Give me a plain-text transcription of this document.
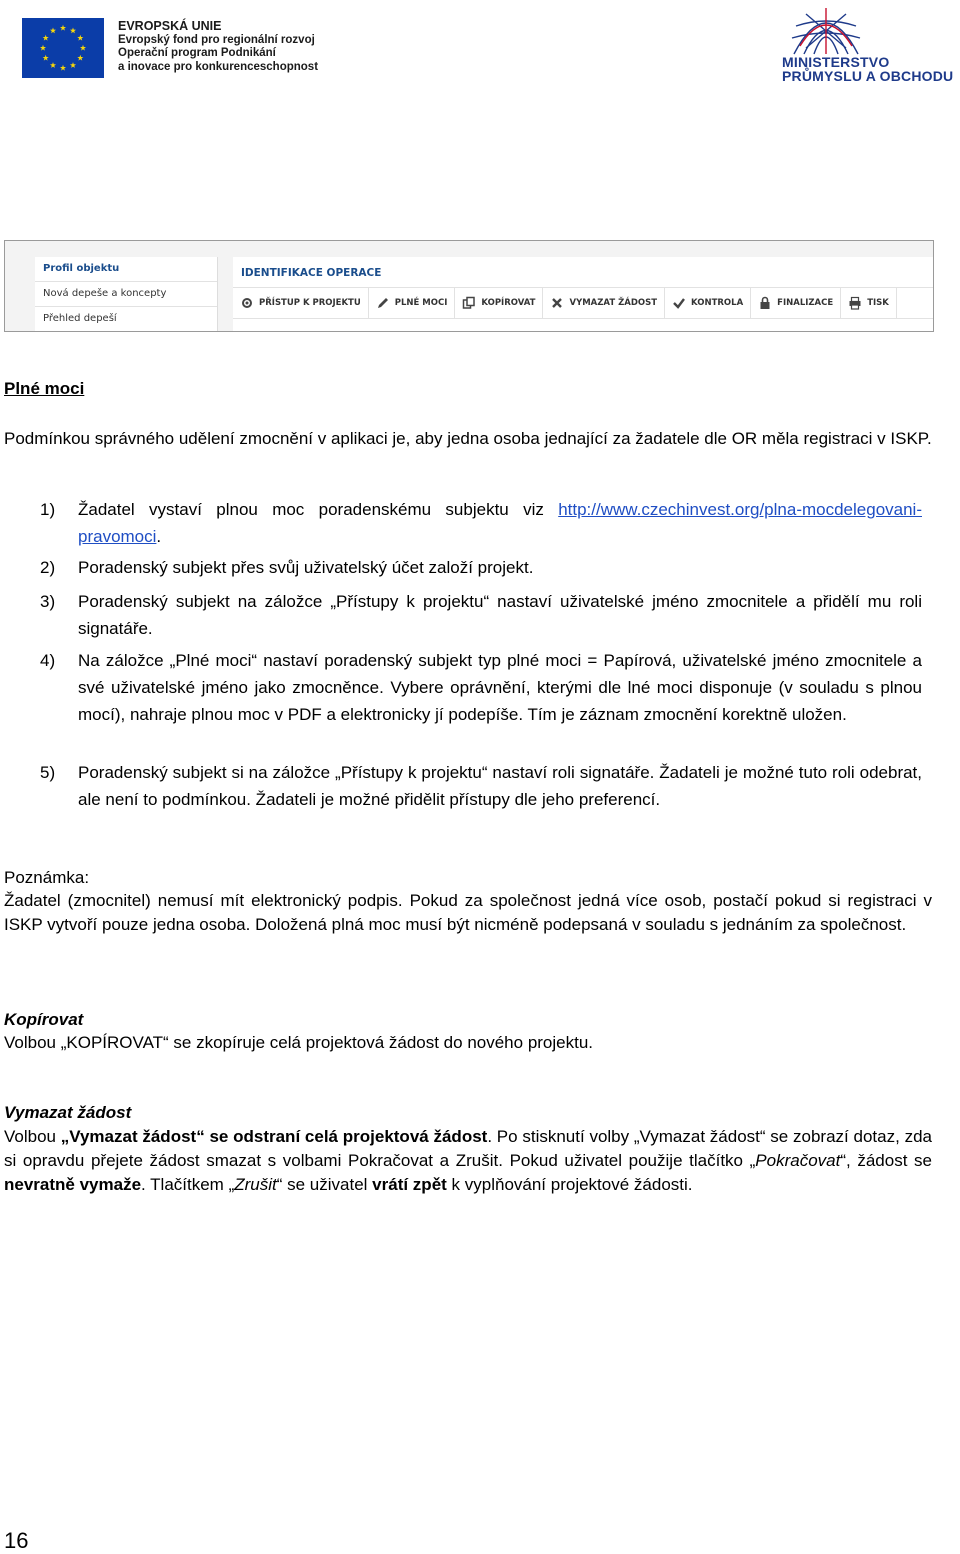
EVROPSKÁ UNIE
Evropský fond pro regionální rozvoj
Operační program Podnikání
a inovace pro konkurenceschopnost	MINISTERSTVO
PRŮMYSLU A OBCHODU
Profil objektu
Nová depeše a koncepty
Přehled depeší
IDENTIFIKACE OPERACE
PŘÍSTUP K PROJEKTU	PLNÉ MOCI	KOPÍROVAT	VYMAZAT ŽÁDOST	KONTROLA	FINALIZACE	TISK
Plné moci
Podmínkou správného udělení zmocnění v aplikaci je, aby jedna osoba jednající za žadatele dle OR měla registraci v ISKP.
1) Žadatel vystaví plnou moc poradenskému subjektu viz http://www.czechinvest.org/plna-mocdelegovani-pravomoci.
2) Poradenský subjekt přes svůj uživatelský účet založí projekt.
3) Poradenský subjekt na záložce „Přístupy k projektu“ nastaví uživatelské jméno zmocnitele a přidělí mu roli signatáře.
4) Na záložce „Plné moci“ nastaví poradenský subjekt typ plné moci = Papírová, uživatelské jméno zmocnitele a své uživatelské jméno jako zmocněnce. Vybere oprávnění, kterými dle lné moci disponuje (v souladu s plnou mocí), nahraje plnou moc v PDF a elektronicky jí podepíše. Tím je záznam zmocnění korektně uložen.
5) Poradenský subjekt si na záložce „Přístupy k projektu“ nastaví roli signatáře. Žadateli je možné tuto roli odebrat, ale není to podmínkou. Žadateli je možné přidělit přístupy dle jeho preferencí.
Poznámka:
Žadatel (zmocnitel) nemusí mít elektronický podpis. Pokud za společnost jedná více osob, postačí pokud si registraci v ISKP vytvoří pouze jedna osoba. Doložená plná moc musí být nicméně podepsaná v souladu s jednáním za společnost.
Kopírovat
Volbou „KOPÍROVAT“ se zkopíruje celá projektová žádost do nového projektu.
Vymazat žádost
Volbou „Vymazat žádost“ se odstraní celá projektová žádost. Po stisknutí volby „Vymazat žádost“ se zobrazí dotaz, zda si opravdu přejete žádost smazat s volbami Pokračovat a Zrušit. Pokud uživatel použije tlačítko „Pokračovat“, žádost se nevratně vymaže. Tlačítkem „Zrušit“ se uživatel vrátí zpět k vyplňování projektové žádosti.
16
